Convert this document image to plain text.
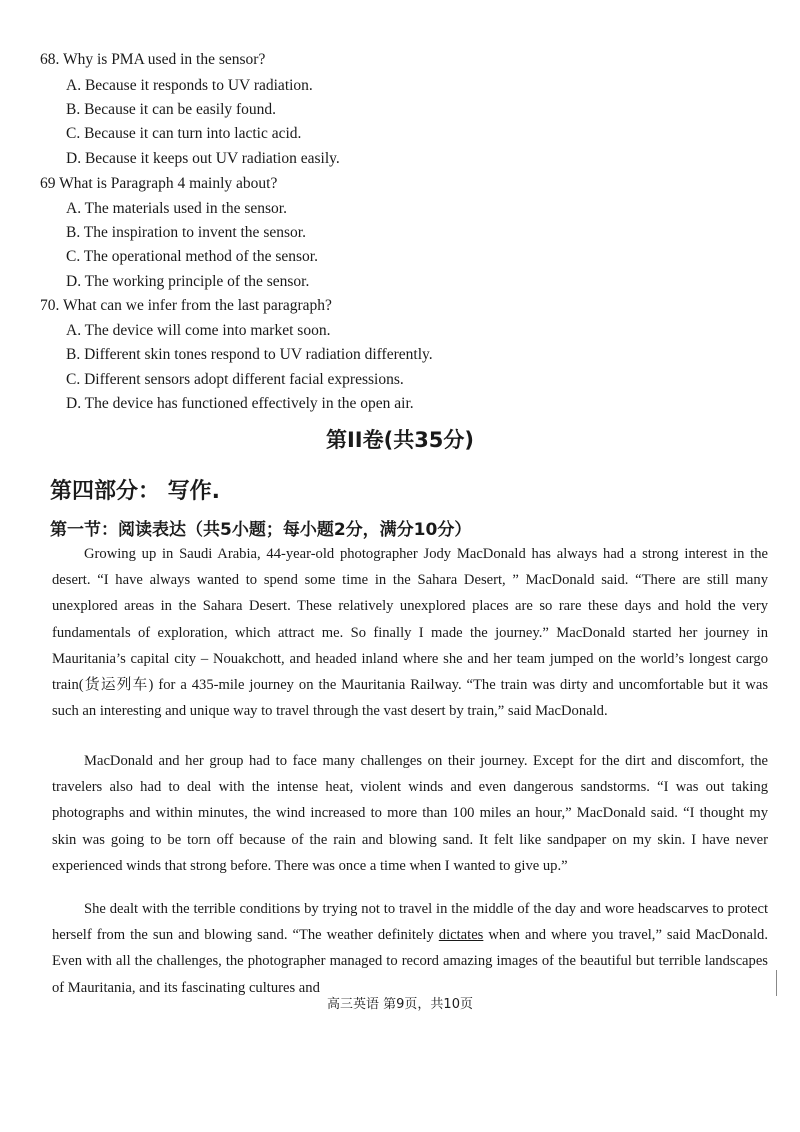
68. Why is PMA used in the sensor?
A. Because it responds to UV radiation.
B. Because it can be easily found.
C. Because it can turn into lactic acid.
D. Because it keeps out UV radiation easily.
69 What is Paragraph 4 mainly about?
A. The materials used in the sensor.
B. The inspiration to invent the sensor.
C. The operational method of the sensor.
D. The working principle of the sensor.
70. What can we infer from the last paragraph?
A. The device will come into market soon.
B. Different skin tones respond to UV radiation differently.
C. Different sensors adopt different facial expressions.
D. The device has functioned effectively in the open air.
第II卷(共35分)
第四部分： 写作.
第一节：阅读表达（共5小题；每小题2分，满分10分）
Growing up in Saudi Arabia, 44-year-old photographer Jody MacDonald has always had a strong interest in the desert. “I have always wanted to spend some time in the Sahara Desert, ” MacDonald said. “There are still many unexplored areas in the Sahara Desert. These relatively unexplored places are so rare these days and hold the very fundamentals of exploration, which attract me. So finally I made the journey.” MacDonald started her journey in Mauritania’s capital city – Nouakchott, and headed inland where she and her team jumped on the world’s longest cargo train(货运列车) for a 435-mile journey on the Mauritania Railway. “The train was dirty and uncomfortable but it was such an interesting and unique way to travel through the vast desert by train,” said MacDonald.
MacDonald and her group had to face many challenges on their journey. Except for the dirt and discomfort, the travelers also had to deal with the intense heat, violent winds and even dangerous sandstorms. “I was out taking photographs and within minutes, the wind increased to more than 100 miles an hour,” MacDonald said. “I thought my skin was going to be torn off because of the rain and blowing sand. It felt like sandpaper on my skin. I have never experienced winds that strong before. There was once a time when I wanted to give up.”
She dealt with the terrible conditions by trying not to travel in the middle of the day and wore headscarves to protect herself from the sun and blowing sand. “The weather definitely dictates when and where you travel,” said MacDonald. Even with all the challenges, the photographer managed to record amazing images of the beautiful but terrible landscapes of Mauritania, and its fascinating cultures and
高三英语 第9页，共10页
